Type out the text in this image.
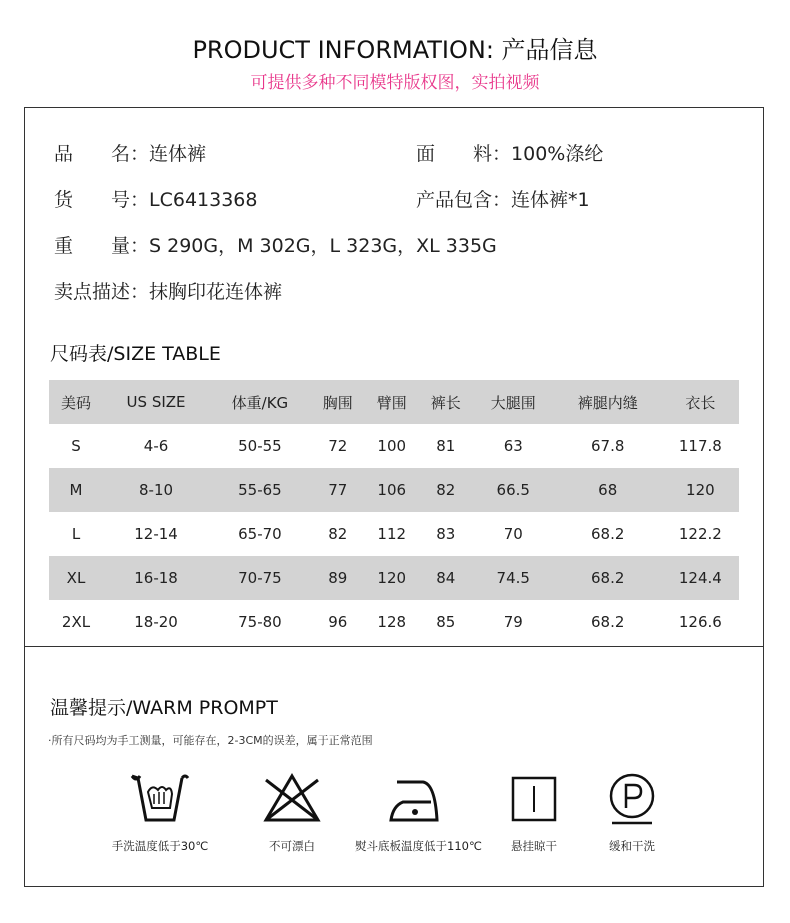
PRODUCT INFORMATION: 产品信息
可提供多种不同模特版权图，实拍视频
品　　名：连体裤	面　　料：100%涤纶
货　　号：LC6413368	产品包含：连体裤*1
重　　量：S 290G，M 302G，L 323G，XL 335G
卖点描述：抹胸印花连体裤
尺码表/SIZE TABLE
美码	US SIZE	体重/KG	胸围	臂围	裤长	大腿围	裤腿内缝	衣长
S	4-6	50-55	72	100	81	63	67.8	117.8
M	8-10	55-65	77	106	82	66.5	68	120
L	12-14	65-70	82	112	83	70	68.2	122.2
XL	16-18	70-75	89	120	84	74.5	68.2	124.4
2XL	18-20	75-80	96	128	85	79	68.2	126.6
温馨提示/WARM PROMPT
·所有尺码均为手工测量，可能存在，2-3CM的误差，属于正常范围
手洗温度低于30℃	不可漂白	熨斗底板温度低于110℃	悬挂晾干	缓和干洗
